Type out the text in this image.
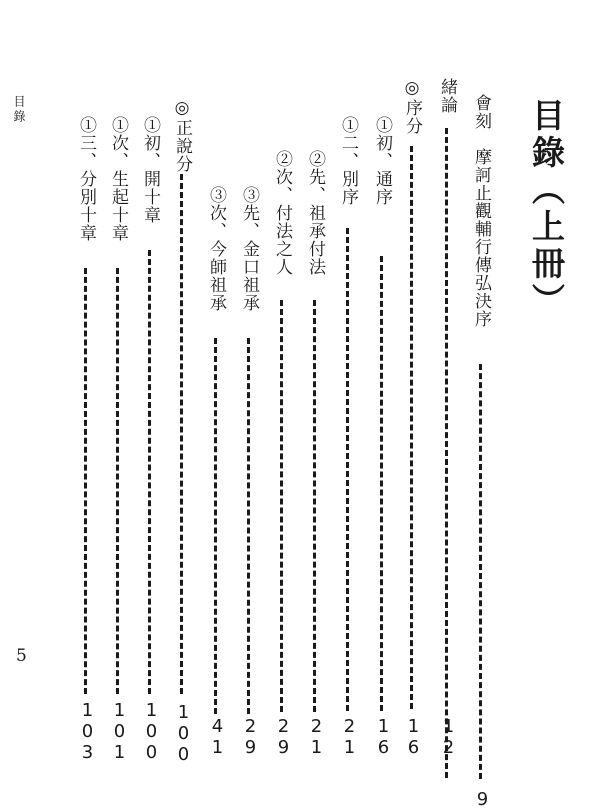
目錄
5
目錄（上冊）
會刻　摩訶止觀輔行傳弘決序
9
緒論
12
◎序分
16
①初、通序
16
①二、別序
21
②先、祖承付法
21
②次、付法之人
29
③先、金口祖承
29
③次、今師祖承
41
◎正說分
100
①初、開十章
100
①次、生起十章
101
①三、分別十章
103
